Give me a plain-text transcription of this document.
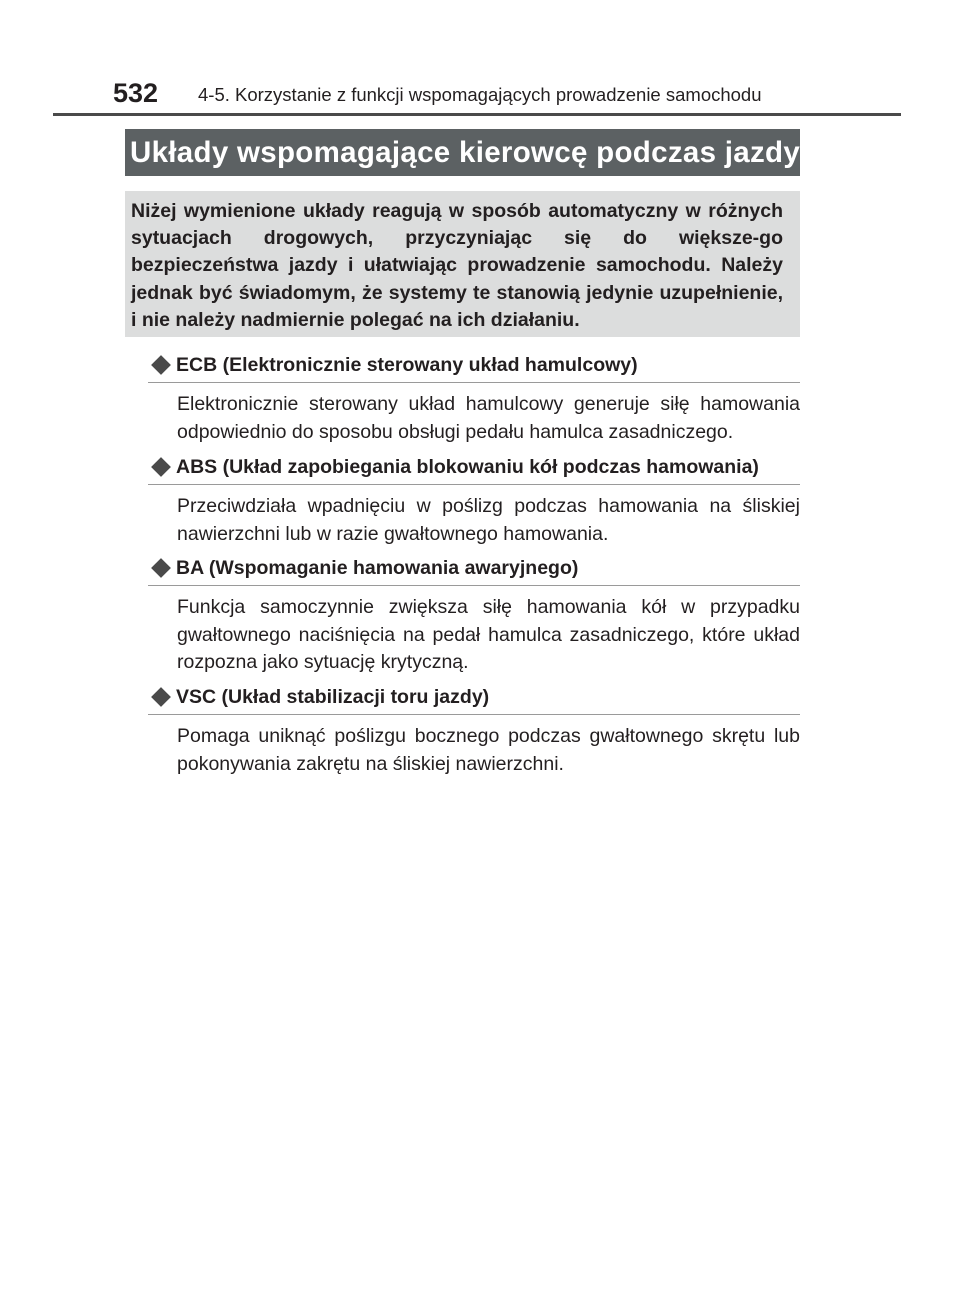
532 4-5. Korzystanie z funkcji wspomagających prowadzenie samochodu
Układy wspomagające kierowcę podczas jazdy

Niżej wymienione układy reagują w sposób automatyczny w różnych sytuacjach drogowych, przyczyniając się do większe-go bezpieczeństwa jazdy i ułatwiając prowadzenie samochodu. Należy jednak być świadomym, że systemy te stanowią jedynie uzupełnienie, i nie należy nadmiernie polegać na ich działaniu.

ECB (Elektronicznie sterowany układ hamulcowy)
Elektronicznie sterowany układ hamulcowy generuje siłę hamowania odpowiednio do sposobu obsługi pedału hamulca zasadniczego.
ABS (Układ zapobiegania blokowaniu kół podczas hamowania)
Przeciwdziała wpadnięciu w poślizg podczas hamowania na śliskiej nawierzchni lub w razie gwałtownego hamowania.
BA (Wspomaganie hamowania awaryjnego)
Funkcja samoczynnie zwiększa siłę hamowania kół w przypadku gwałtownego naciśnięcia na pedał hamulca zasadniczego, które układ rozpozna jako sytuację krytyczną.
VSC (Układ stabilizacji toru jazdy)
Pomaga uniknąć poślizgu bocznego podczas gwałtownego skrętu lub pokonywania zakrętu na śliskiej nawierzchni.
